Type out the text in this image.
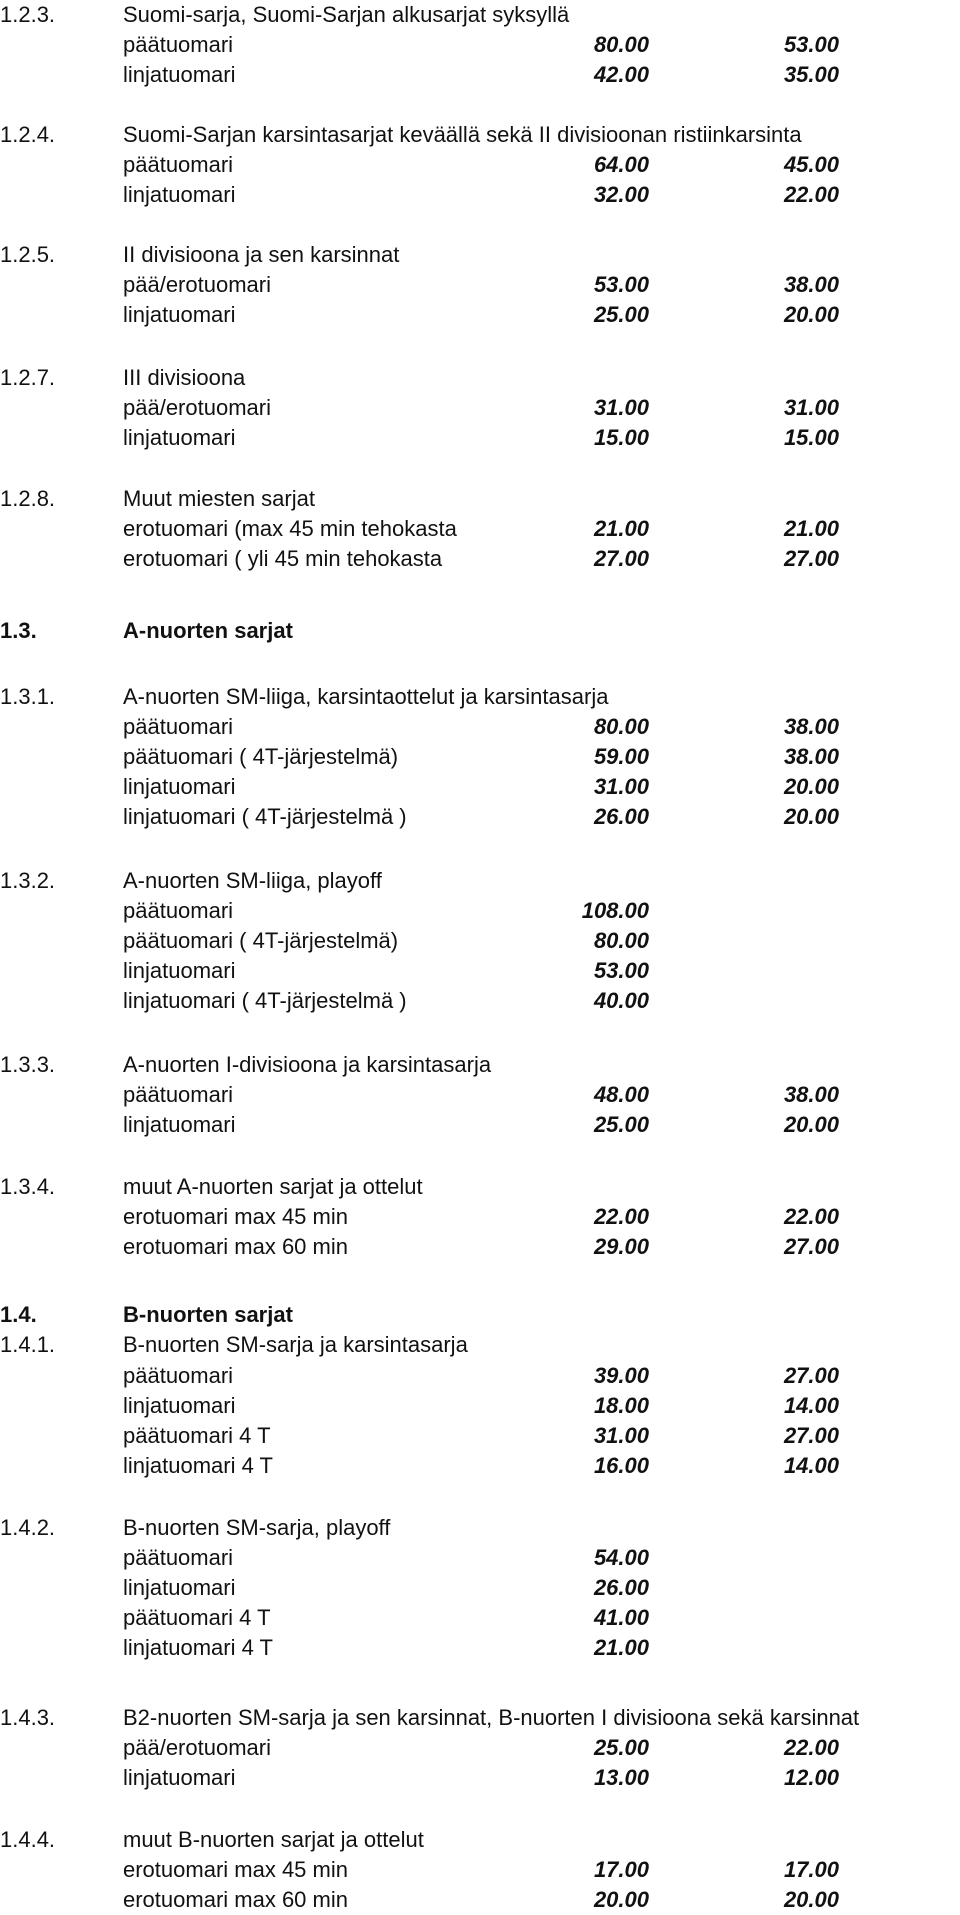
1.2.3.	Suomi-sarja, Suomi-Sarjan alkusarjat syksyllä
päätuomari	80.00	53.00
linjatuomari	42.00	35.00
1.2.4.	Suomi-Sarjan karsintasarjat keväällä sekä II divisioonan ristiinkarsinta
päätuomari	64.00	45.00
linjatuomari	32.00	22.00
1.2.5.	II divisioona ja sen karsinnat
pää/erotuomari	53.00	38.00
linjatuomari	25.00	20.00
1.2.7.	III divisioona
pää/erotuomari	31.00	31.00
linjatuomari	15.00	15.00
1.2.8.	Muut miesten sarjat
erotuomari (max 45 min tehokasta	21.00	21.00
erotuomari ( yli 45 min tehokasta	27.00	27.00
1.3.	A-nuorten sarjat
1.3.1.	A-nuorten SM-liiga, karsintaottelut ja karsintasarja
päätuomari	80.00	38.00
päätuomari ( 4T-järjestelmä)	59.00	38.00
linjatuomari	31.00	20.00
linjatuomari ( 4T-järjestelmä )	26.00	20.00
1.3.2.	A-nuorten SM-liiga, playoff
päätuomari	108.00
päätuomari ( 4T-järjestelmä)	80.00
linjatuomari	53.00
linjatuomari ( 4T-järjestelmä )	40.00
1.3.3.	A-nuorten I-divisioona ja karsintasarja
päätuomari	48.00	38.00
linjatuomari	25.00	20.00
1.3.4.	muut A-nuorten sarjat ja ottelut
erotuomari max 45 min	22.00	22.00
erotuomari max 60 min	29.00	27.00
1.4.	B-nuorten sarjat
1.4.1.	B-nuorten SM-sarja ja karsintasarja
päätuomari	39.00	27.00
linjatuomari	18.00	14.00
päätuomari 4 T	31.00	27.00
linjatuomari 4 T	16.00	14.00
1.4.2.	B-nuorten SM-sarja, playoff
päätuomari	54.00
linjatuomari	26.00
päätuomari 4 T	41.00
linjatuomari 4 T	21.00
1.4.3.	B2-nuorten SM-sarja ja sen karsinnat, B-nuorten I divisioona sekä karsinnat
pää/erotuomari	25.00	22.00
linjatuomari	13.00	12.00
1.4.4.	muut B-nuorten sarjat ja ottelut
erotuomari max 45 min	17.00	17.00
erotuomari max 60 min	20.00	20.00
